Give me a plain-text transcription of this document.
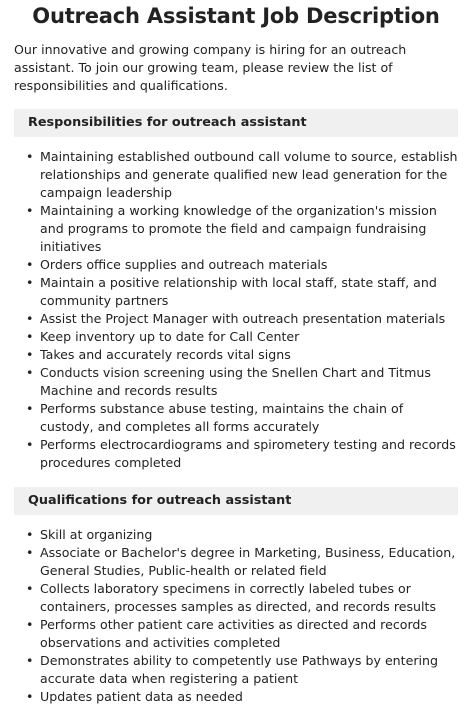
Outreach Assistant Job Description

Our innovative and growing company is hiring for an outreach assistant. To join our growing team, please review the list of responsibilities and qualifications.

Responsibilities for outreach assistant
• Maintaining established outbound call volume to source, establish relationships and generate qualified new lead generation for the campaign leadership
• Maintaining a working knowledge of the organization's mission and programs to promote the field and campaign fundraising initiatives
• Orders office supplies and outreach materials
• Maintain a positive relationship with local staff, state staff, and community partners
• Assist the Project Manager with outreach presentation materials
• Keep inventory up to date for Call Center
• Takes and accurately records vital signs
• Conducts vision screening using the Snellen Chart and Titmus Machine and records results
• Performs substance abuse testing, maintains the chain of custody, and completes all forms accurately
• Performs electrocardiograms and spirometery testing and records procedures completed
Qualifications for outreach assistant
• Skill at organizing
• Associate or Bachelor's degree in Marketing, Business, Education, General Studies, Public-health or related field
• Collects laboratory specimens in correctly labeled tubes or containers, processes samples as directed, and records results
• Performs other patient care activities as directed and records observations and activities completed
• Demonstrates ability to competently use Pathways by entering accurate data when registering a patient
• Updates patient data as needed
